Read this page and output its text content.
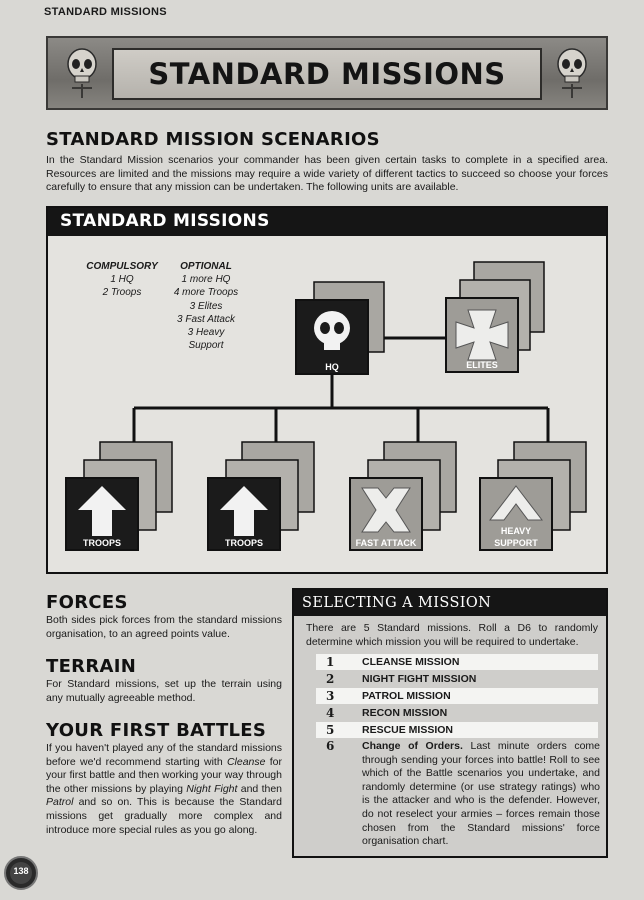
STANDARD MISSIONS
STANDARD MISSIONS
STANDARD MISSION SCENARIOS

In the Standard Mission scenarios your commander has been given certain tasks to complete in a specified area. Resources are limited and the missions may require a wide variety of different tactics to succeed so choose your forces carefully to ensure that any mission can be undertaken. The following units are available.

STANDARD MISSIONS
COMPULSORY
1 HQ
2 Troops
OPTIONAL
1 more HQ
4 more Troops
3 Elites
3 Fast Attack
3 Heavy
Support
HQ	ELITES
TROOPS	TROOPS	FAST ATTACK
HEAVY
SUPPORT
FORCES

Both sides pick forces from the standard missions organisation, to an agreed points value.

TERRAIN

For Standard missions, set up the terrain using any mutually agreeable method.

YOUR FIRST BATTLES

If you haven't played any of the standard missions before we'd recommend starting with Cleanse for your first battle and then working your way through the other missions by playing Night Fight and then Patrol and so on. This is because the Standard missions get gradually more complex and introduce more special rules as you go along.

SELECTING A MISSION

There are 5 Standard missions. Roll a D6 to randomly determine which mission you will be required to undertake.

1	CLEANSE MISSION
2	NIGHT FIGHT MISSION
3	PATROL MISSION
4	RECON MISSION
5	RESCUE MISSION
6	Change of Orders. Last minute orders come through sending your forces into battle! Roll to see which of the Battle scenarios you undertake, and randomly determine (or use strategy ratings) who is the attacker and who is the defender. However, do not reselect your armies – forces remain those chosen from the Standard missions' force organisation chart.

138
